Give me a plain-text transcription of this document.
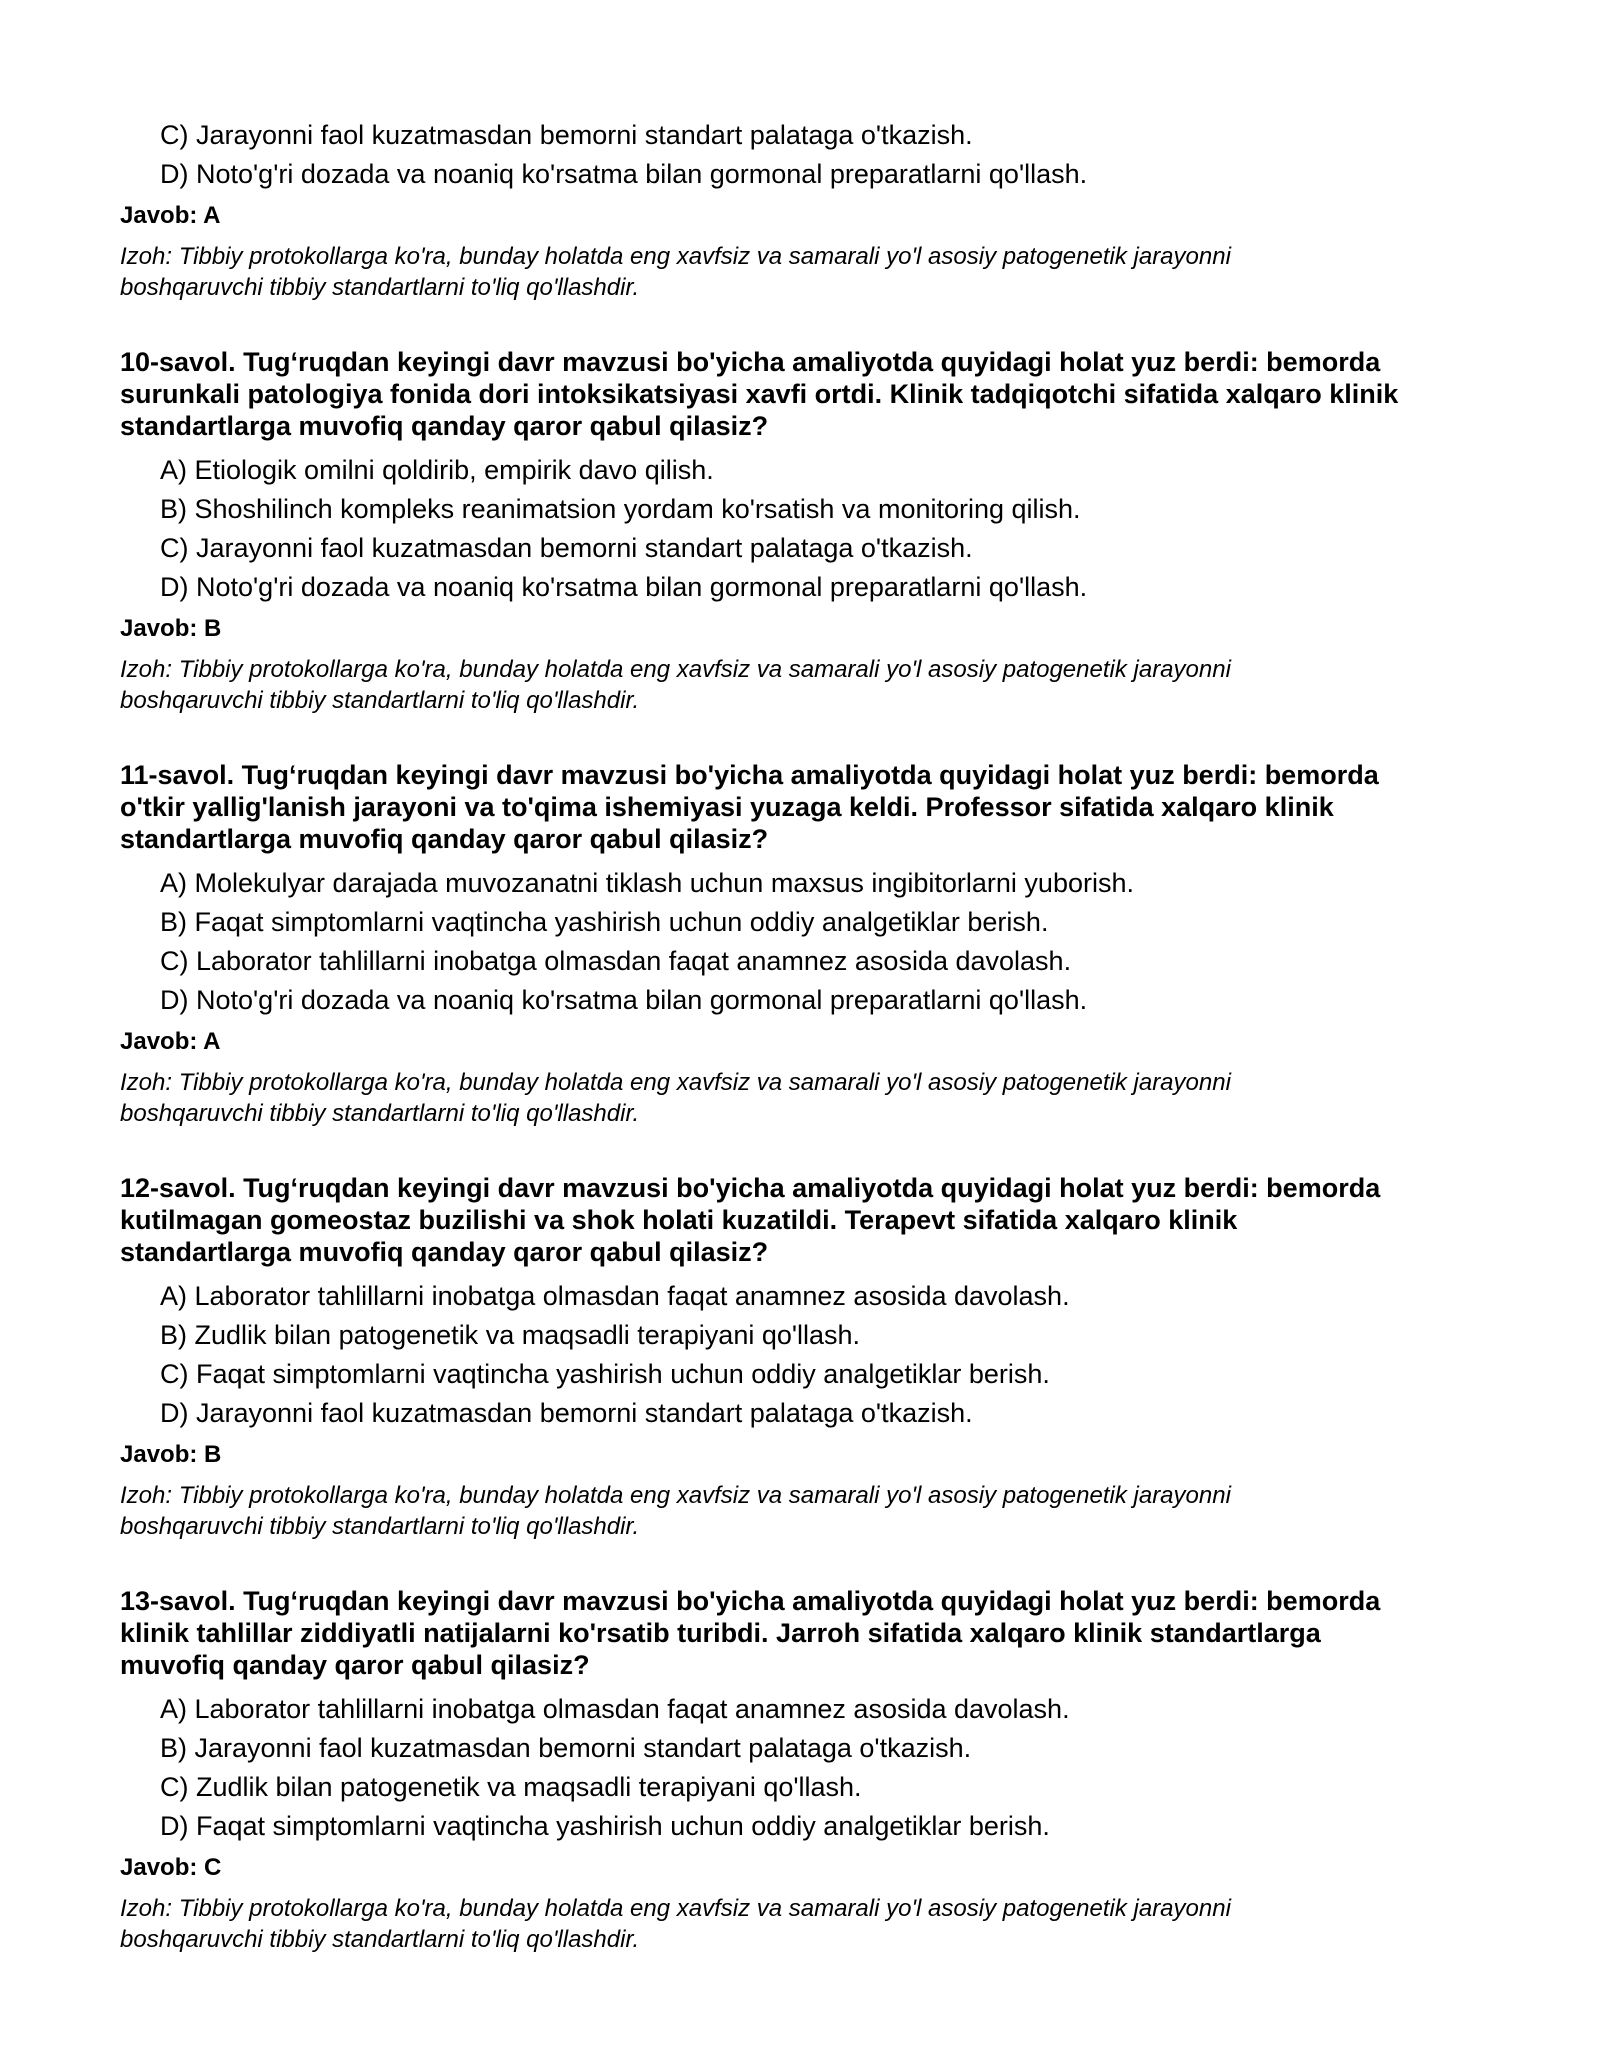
C) Jarayonni faol kuzatmasdan bemorni standart palataga o'tkazish.
D) Noto'g'ri dozada va noaniq ko'rsatma bilan gormonal preparatlarni qo'llash.
Javob: A
Izoh: Tibbiy protokollarga ko'ra, bunday holatda eng xavfsiz va samarali yo'l asosiy patogenetik jarayonni
boshqaruvchi tibbiy standartlarni to'liq qo'llashdir.
10-savol. Tug‘ruqdan keyingi davr mavzusi bo'yicha amaliyotda quyidagi holat yuz berdi: bemorda
surunkali patologiya fonida dori intoksikatsiyasi xavfi ortdi. Klinik tadqiqotchi sifatida xalqaro klinik
standartlarga muvofiq qanday qaror qabul qilasiz?
A) Etiologik omilni qoldirib, empirik davo qilish.
B) Shoshilinch kompleks reanimatsion yordam ko'rsatish va monitoring qilish.
C) Jarayonni faol kuzatmasdan bemorni standart palataga o'tkazish.
D) Noto'g'ri dozada va noaniq ko'rsatma bilan gormonal preparatlarni qo'llash.
Javob: B
Izoh: Tibbiy protokollarga ko'ra, bunday holatda eng xavfsiz va samarali yo'l asosiy patogenetik jarayonni
boshqaruvchi tibbiy standartlarni to'liq qo'llashdir.
11-savol. Tug‘ruqdan keyingi davr mavzusi bo'yicha amaliyotda quyidagi holat yuz berdi: bemorda
o'tkir yallig'lanish jarayoni va to'qima ishemiyasi yuzaga keldi. Professor sifatida xalqaro klinik
standartlarga muvofiq qanday qaror qabul qilasiz?
A) Molekulyar darajada muvozanatni tiklash uchun maxsus ingibitorlarni yuborish.
B) Faqat simptomlarni vaqtincha yashirish uchun oddiy analgetiklar berish.
C) Laborator tahlillarni inobatga olmasdan faqat anamnez asosida davolash.
D) Noto'g'ri dozada va noaniq ko'rsatma bilan gormonal preparatlarni qo'llash.
Javob: A
Izoh: Tibbiy protokollarga ko'ra, bunday holatda eng xavfsiz va samarali yo'l asosiy patogenetik jarayonni
boshqaruvchi tibbiy standartlarni to'liq qo'llashdir.
12-savol. Tug‘ruqdan keyingi davr mavzusi bo'yicha amaliyotda quyidagi holat yuz berdi: bemorda
kutilmagan gomeostaz buzilishi va shok holati kuzatildi. Terapevt sifatida xalqaro klinik
standartlarga muvofiq qanday qaror qabul qilasiz?
A) Laborator tahlillarni inobatga olmasdan faqat anamnez asosida davolash.
B) Zudlik bilan patogenetik va maqsadli terapiyani qo'llash.
C) Faqat simptomlarni vaqtincha yashirish uchun oddiy analgetiklar berish.
D) Jarayonni faol kuzatmasdan bemorni standart palataga o'tkazish.
Javob: B
Izoh: Tibbiy protokollarga ko'ra, bunday holatda eng xavfsiz va samarali yo'l asosiy patogenetik jarayonni
boshqaruvchi tibbiy standartlarni to'liq qo'llashdir.
13-savol. Tug‘ruqdan keyingi davr mavzusi bo'yicha amaliyotda quyidagi holat yuz berdi: bemorda
klinik tahlillar ziddiyatli natijalarni ko'rsatib turibdi. Jarroh sifatida xalqaro klinik standartlarga
muvofiq qanday qaror qabul qilasiz?
A) Laborator tahlillarni inobatga olmasdan faqat anamnez asosida davolash.
B) Jarayonni faol kuzatmasdan bemorni standart palataga o'tkazish.
C) Zudlik bilan patogenetik va maqsadli terapiyani qo'llash.
D) Faqat simptomlarni vaqtincha yashirish uchun oddiy analgetiklar berish.
Javob: C
Izoh: Tibbiy protokollarga ko'ra, bunday holatda eng xavfsiz va samarali yo'l asosiy patogenetik jarayonni
boshqaruvchi tibbiy standartlarni to'liq qo'llashdir.
